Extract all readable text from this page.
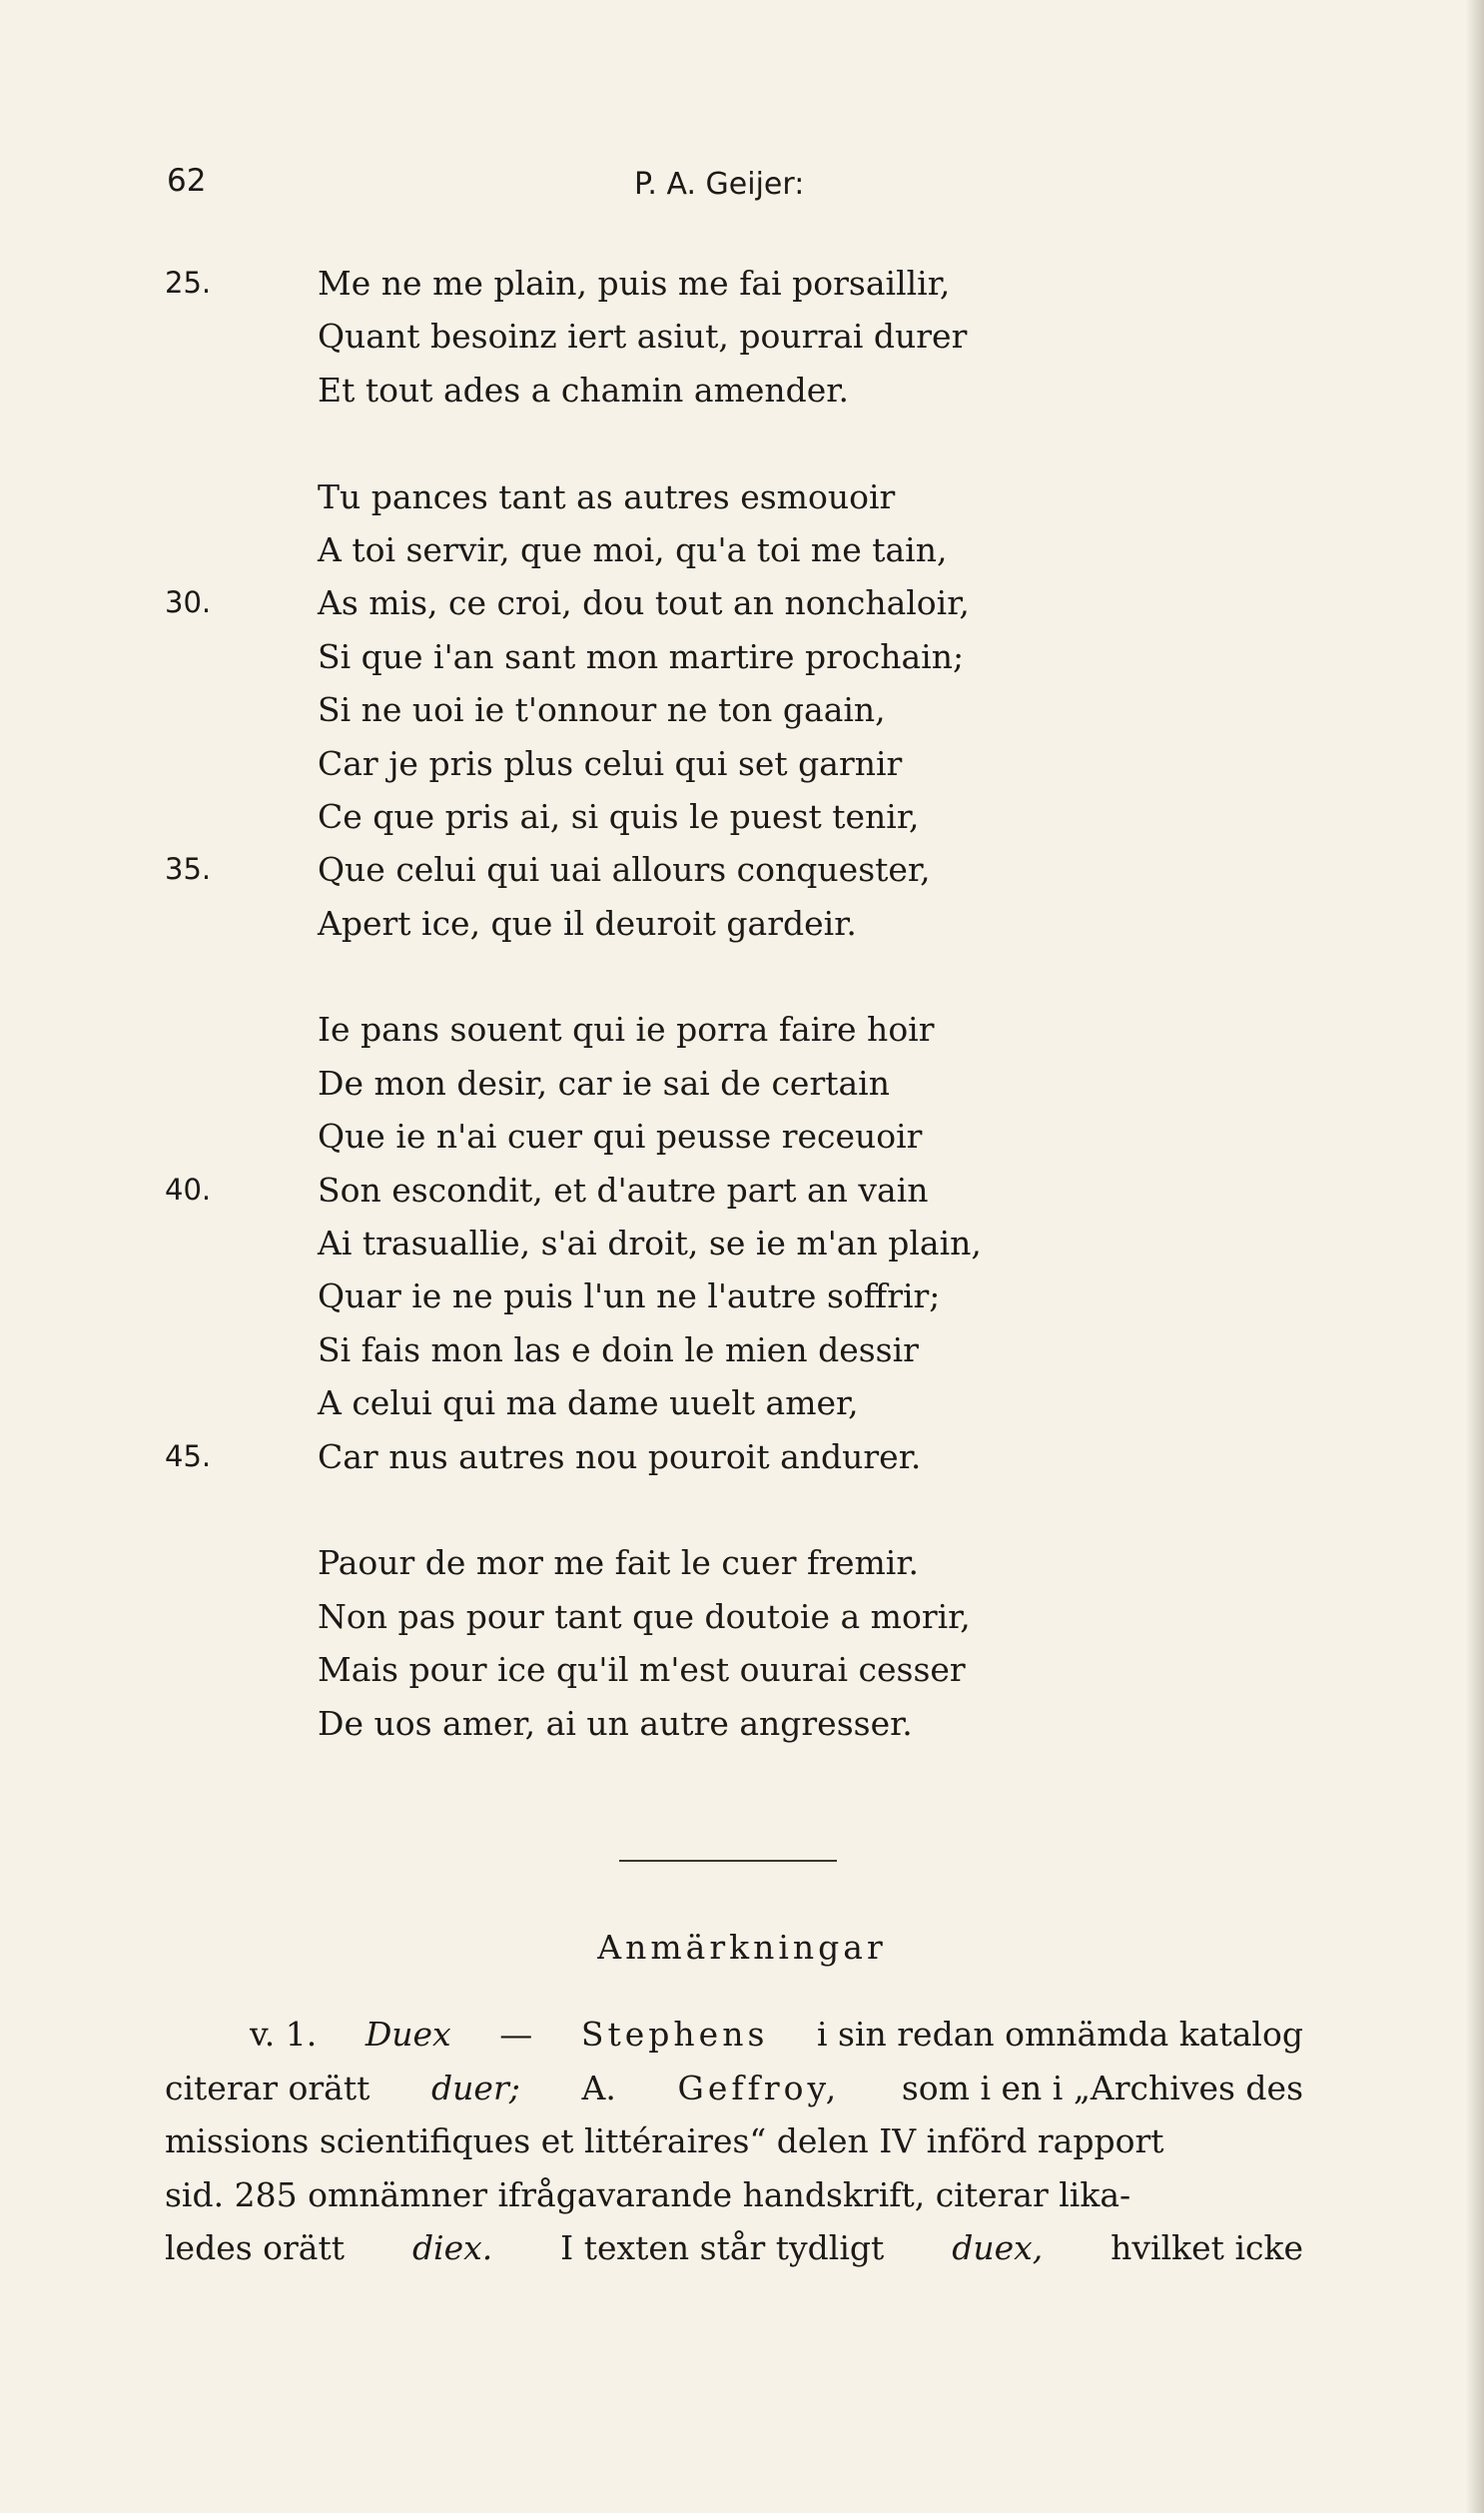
62	P. A. Geijer:
25.	Me ne me plain, puis me fai porsaillir,
Quant besoinz iert asiut, pourrai durer
Et tout ades a chamin amender.
Tu pances tant as autres esmouoir
A toi servir, que moi, qu'a toi me tain,
30.	As mis, ce croi, dou tout an nonchaloir,
Si que i'an sant mon martire prochain;
Si ne uoi ie t'onnour ne ton gaain,
Car je pris plus celui qui set garnir
Ce que pris ai, si quis le puest tenir,
35.	Que celui qui uai allours conquester,
Apert ice, que il deuroit gardeir.
Ie pans souent qui ie porra faire hoir
De mon desir, car ie sai de certain
Que ie n'ai cuer qui peusse receuoir
40.	Son escondit, et d'autre part an vain
Ai trasuallie, s'ai droit, se ie m'an plain,
Quar ie ne puis l'un ne l'autre soffrir;
Si fais mon las e doin le mien dessir
A celui qui ma dame uuelt amer,
45.	Car nus autres nou pouroit andurer.
Paour de mor me fait le cuer fremir.
Non pas pour tant que doutoie a morir,
Mais pour ice qu'il m'est ouurai cesser
De uos amer, ai un autre angresser.
Anmärkningar
v. 1. Duex — Stephens i sin redan omnämda katalog
citerar orätt duer; A. Geffroy, som i en i „Archives des
missions scientifiques et littéraires“ delen IV införd rapport
sid. 285 omnämner ifrågavarande handskrift, citerar lika-
ledes orätt diex. I texten står tydligt duex, hvilket icke
